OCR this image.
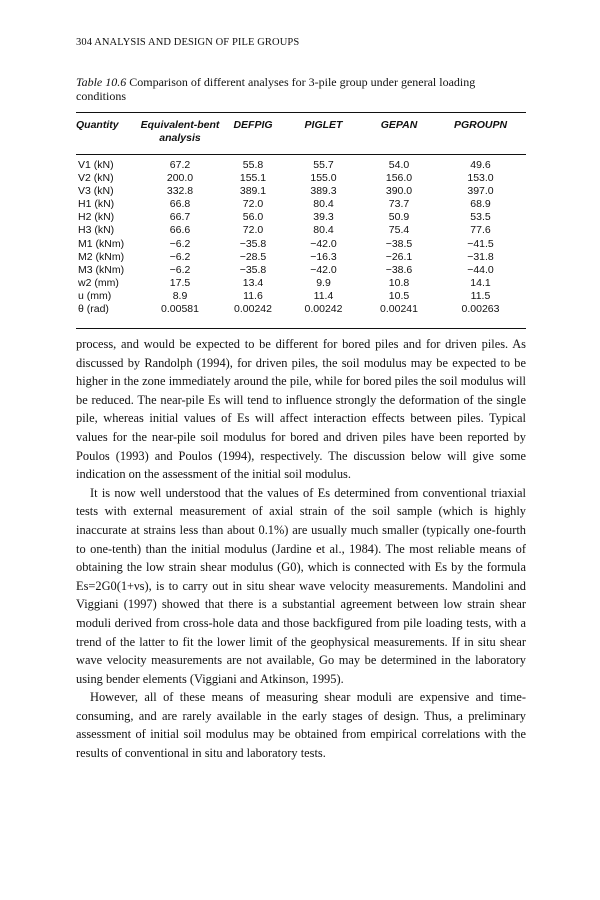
304 ANALYSIS AND DESIGN OF PILE GROUPS
Table 10.6 Comparison of different analyses for 3-pile group under general loading conditions
Quantity	Equivalent-bent analysis	DEFPIG	PIGLET	GEPAN	PGROUPN
V1 (kN)	67.2	55.8	55.7	54.0	49.6
V2 (kN)	200.0	155.1	155.0	156.0	153.0
V3 (kN)	332.8	389.1	389.3	390.0	397.0
H1 (kN)	66.8	72.0	80.4	73.7	68.9
H2 (kN)	66.7	56.0	39.3	50.9	53.5
H3 (kN)	66.6	72.0	80.4	75.4	77.6
M1 (kNm)	−6.2	−35.8	−42.0	−38.5	−41.5
M2 (kNm)	−6.2	−28.5	−16.3	−26.1	−31.8
M3 (kNm)	−6.2	−35.8	−42.0	−38.6	−44.0
w2 (mm)	17.5	13.4	9.9	10.8	14.1
u (mm)	8.9	11.6	11.4	10.5	11.5
θ (rad)	0.00581	0.00242	0.00242	0.00241	0.00263

process, and would be expected to be different for bored piles and for driven piles. As discussed by Randolph (1994), for driven piles, the soil modulus may be expected to be higher in the zone immediately around the pile, while for bored piles the soil modulus will be reduced. The near-pile Es will tend to influence strongly the deformation of the single pile, whereas initial values of Es will affect interaction effects between piles. Typical values for the near-pile soil modulus for bored and driven piles have been reported by Poulos (1993) and Poulos (1994), respectively. The discussion below will give some indication on the assessment of the initial soil modulus.

It is now well understood that the values of Es determined from conventional triaxial tests with external measurement of axial strain of the soil sample (which is highly inaccurate at strains less than about 0.1%) are usually much smaller (typically one-fourth to one-tenth) than the initial modulus (Jardine et al., 1984). The most reliable means of obtaining the low strain shear modulus (G0), which is connected with Es by the formula Es=2G0(1+νs), is to carry out in situ shear wave velocity measurements. Mandolini and Viggiani (1997) showed that there is a substantial agreement between low strain shear moduli derived from cross-hole data and those backfigured from pile loading tests, with a trend of the latter to fit the lower limit of the geophysical measurements. If in situ shear wave velocity measurements are not available, Go may be determined in the laboratory using bender elements (Viggiani and Atkinson, 1995).

However, all of these means of measuring shear moduli are expensive and time-consuming, and are rarely available in the early stages of design. Thus, a preliminary assessment of initial soil modulus may be obtained from empirical correlations with the results of conventional in situ and laboratory tests.
